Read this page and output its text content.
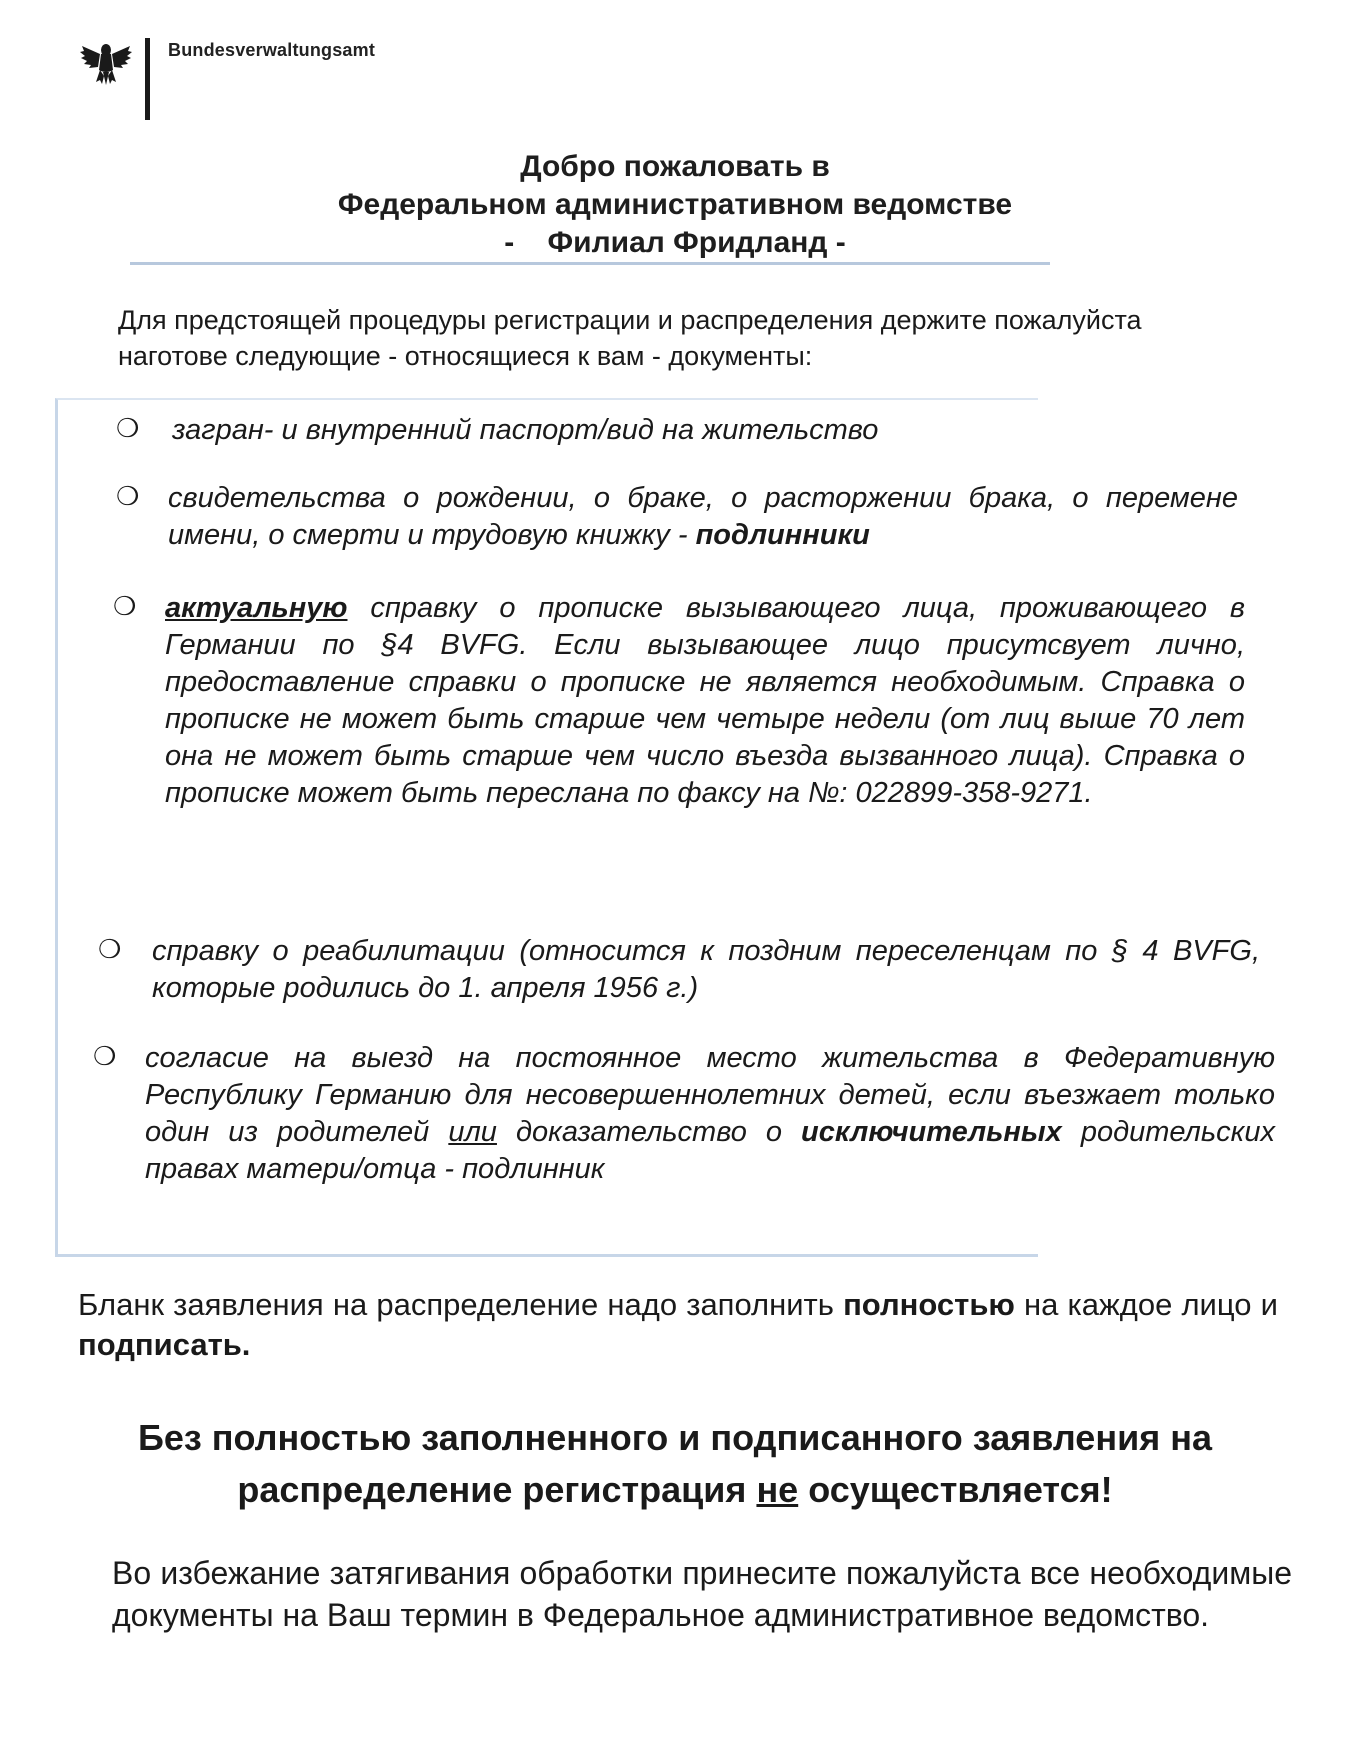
Bundesverwaltungsamt
Добро пожаловать в
Федеральном административном ведомстве
-    Филиал Фридланд -
Для предстоящей процедуры регистрации и распределения держите пожалуйста наготове следующие - относящиеся к вам - документы:
❍	загран- и внутренний паспорт/вид на жительство
❍ свидетельства о рождении, о браке, о расторжении брака, о перемене имени, о смерти и трудовую книжку - подлинники
❍ актуальную справку о прописке вызывающего лица, проживающего в Германии по §4 BVFG. Если вызывающее лицо присутсвует лично, предоставление справки о прописке не является необходимым. Справка о прописке не может быть старше чем четыре недели (от лиц выше 70 лет она не может быть старше чем число въезда вызванного лица). Справка о прописке может быть переслана по факсу на №: 022899-358-9271.
❍	справку о реабилитации (относится к поздним переселенцам по § 4 BVFG, которые родились до 1. апреля 1956 г.)
❍ согласие на выезд на постоянное место жительства в Федеративную Республику Германию для несовершеннолетних детей, если въезжает только один из родителей или доказательство о исключительных родительских правах матери/отца - подлинник
Бланк заявления на распределение надо заполнить полностью на каждое лицо и подписать.
Без полностью заполненного и подписанного заявления на
распределение регистрация не осуществляется!
Во избежание затягивания обработки принесите пожалуйста все необходимые документы на Ваш термин в Федеральное административное ведомство.
